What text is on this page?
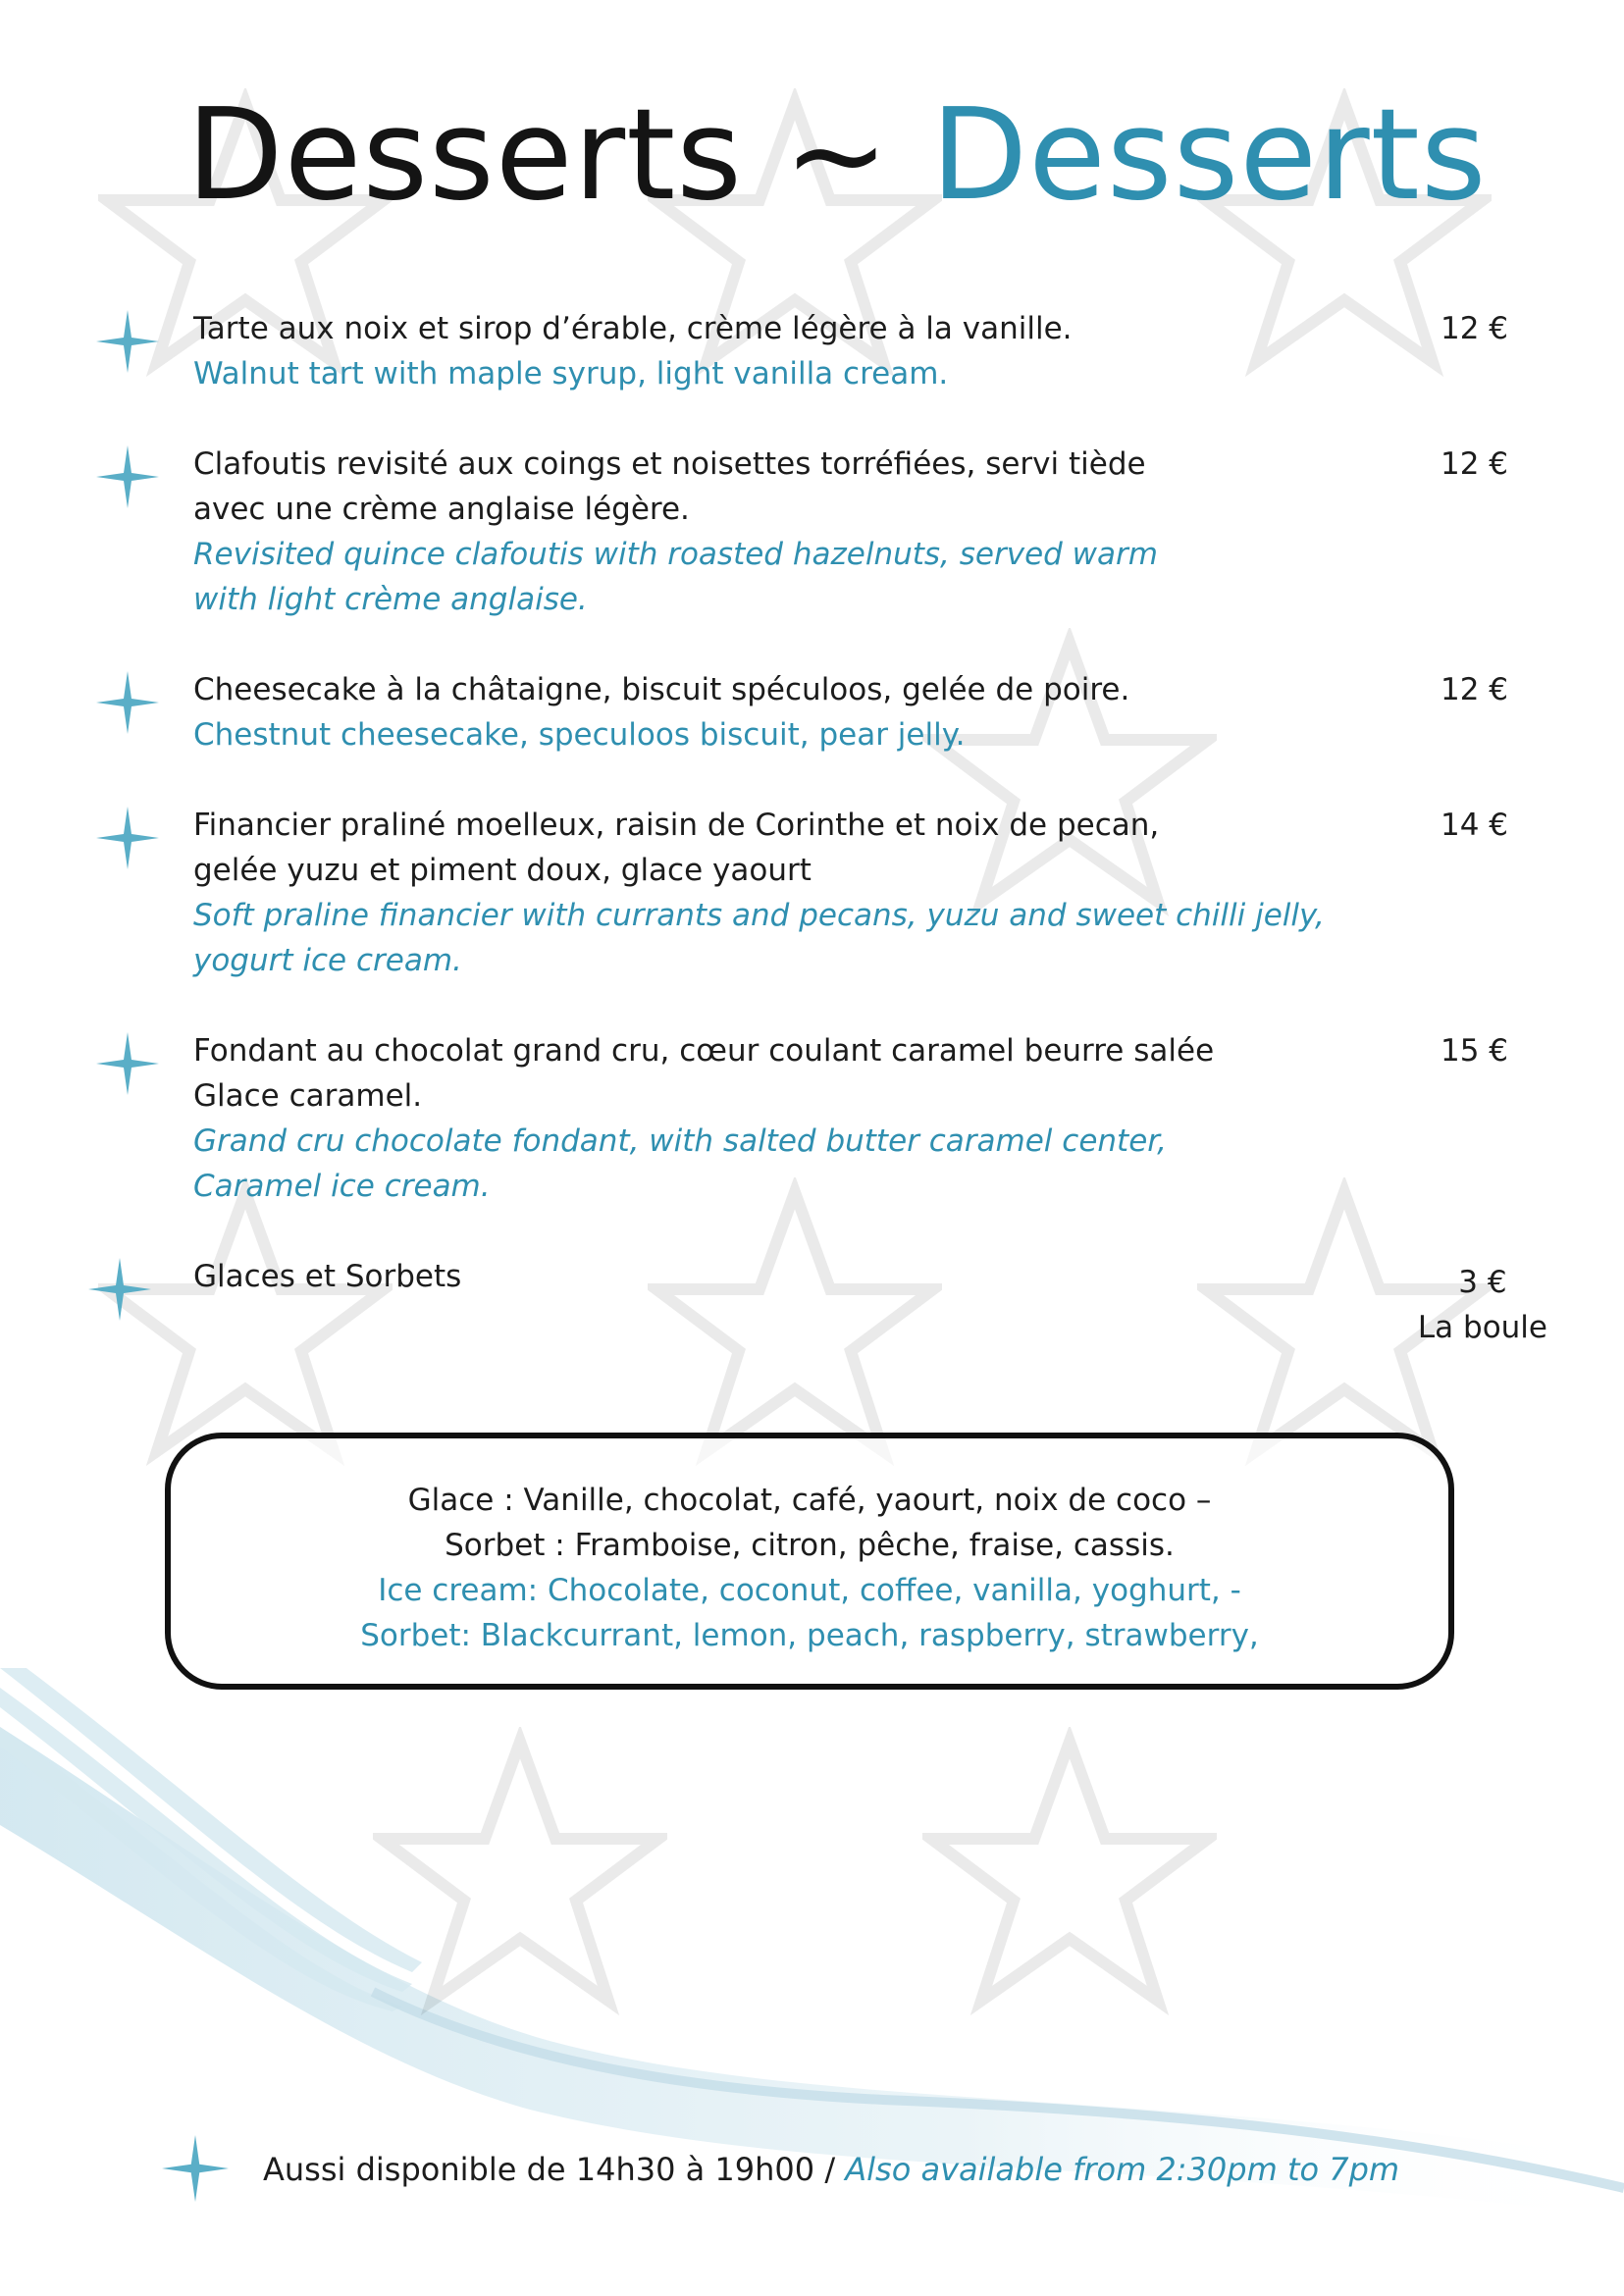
Desserts ~ Desserts
Tarte aux noix et sirop d’érable, crème légère à la vanille.
Walnut tart with maple syrup, light vanilla cream.
12 €
Clafoutis revisité aux coings et noisettes torréfiées, servi tiède
avec une crème anglaise légère.
Revisited quince clafoutis with roasted hazelnuts, served warm
with light crème anglaise.
12 €
Cheesecake à la châtaigne, biscuit spéculoos, gelée de poire.
Chestnut cheesecake, speculoos biscuit, pear jelly.
12 €
Financier praliné moelleux, raisin de Corinthe et noix de pecan,
gelée yuzu et piment doux, glace yaourt
Soft praline financier with currants and pecans, yuzu and sweet chilli jelly,
yogurt ice cream.
14 €
Fondant au chocolat grand cru, cœur coulant caramel beurre salée
Glace caramel.
Grand cru chocolate fondant, with salted butter caramel center,
Caramel ice cream.
15 €
Glaces et Sorbets	3 €
La boule
Glace : Vanille, chocolat, café, yaourt, noix de coco –
Sorbet : Framboise, citron, pêche, fraise, cassis.
Ice cream: Chocolate, coconut, coffee, vanilla, yoghurt, -
Sorbet: Blackcurrant, lemon, peach, raspberry, strawberry,
Aussi disponible de 14h30 à 19h00 / Also available from 2:30pm to 7pm
